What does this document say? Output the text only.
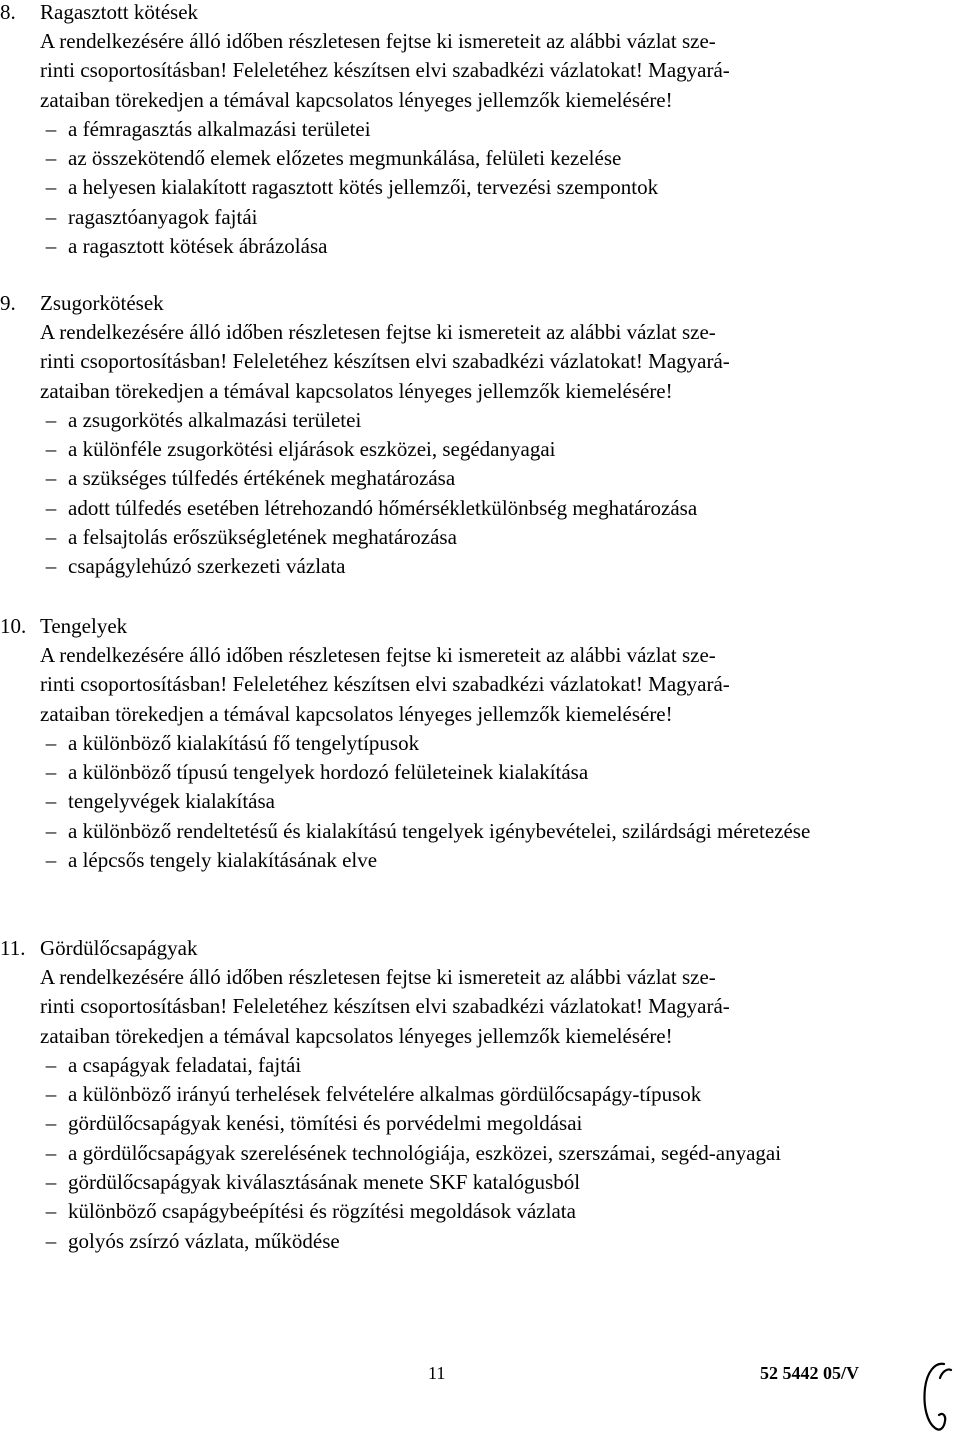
8. Ragasztott kötések
A rendelkezésére álló időben részletesen fejtse ki ismereteit az alábbi vázlat sze-
rinti csoportosításban! Feleletéhez készítsen elvi szabadkézi vázlatokat! Magyará-
zataiban törekedjen a témával kapcsolatos lényeges jellemzők kiemelésére!
– a fémragasztás alkalmazási területei
– az összekötendő elemek előzetes megmunkálása, felületi kezelése
– a helyesen kialakított ragasztott kötés jellemzői, tervezési szempontok
– ragasztóanyagok fajtái
– a ragasztott kötések ábrázolása
9. Zsugorkötések
A rendelkezésére álló időben részletesen fejtse ki ismereteit az alábbi vázlat sze-
rinti csoportosításban! Feleletéhez készítsen elvi szabadkézi vázlatokat! Magyará-
zataiban törekedjen a témával kapcsolatos lényeges jellemzők kiemelésére!
– a zsugorkötés alkalmazási területei
– a különféle zsugorkötési eljárások eszközei, segédanyagai
– a szükséges túlfedés értékének meghatározása
– adott túlfedés esetében létrehozandó hőmérsékletkülönbség meghatározása
– a felsajtolás erőszükségletének meghatározása
– csapágylehúzó szerkezeti vázlata
10. Tengelyek
A rendelkezésére álló időben részletesen fejtse ki ismereteit az alábbi vázlat sze-
rinti csoportosításban! Feleletéhez készítsen elvi szabadkézi vázlatokat! Magyará-
zataiban törekedjen a témával kapcsolatos lényeges jellemzők kiemelésére!
– a különböző kialakítású fő tengelytípusok
– a különböző típusú tengelyek hordozó felületeinek kialakítása
– tengelyvégek kialakítása
– a különböző rendeltetésű és kialakítású tengelyek igénybevételei, szilárdsági méretezése
– a lépcsős tengely kialakításának elve
11. Gördülőcsapágyak
A rendelkezésére álló időben részletesen fejtse ki ismereteit az alábbi vázlat sze-
rinti csoportosításban! Feleletéhez készítsen elvi szabadkézi vázlatokat! Magyará-
zataiban törekedjen a témával kapcsolatos lényeges jellemzők kiemelésére!
– a csapágyak feladatai, fajtái
– a különböző irányú terhelések felvételére alkalmas gördülőcsapágy-típusok
– gördülőcsapágyak kenési, tömítési és porvédelmi megoldásai
– a gördülőcsapágyak szerelésének technológiája, eszközei, szerszámai, segéd-anyagai
– gördülőcsapágyak kiválasztásának menete SKF katalógusból
– különböző csapágybeépítési és rögzítési megoldások vázlata
– golyós zsírzó vázlata, működése
11	52 5442 05/V
